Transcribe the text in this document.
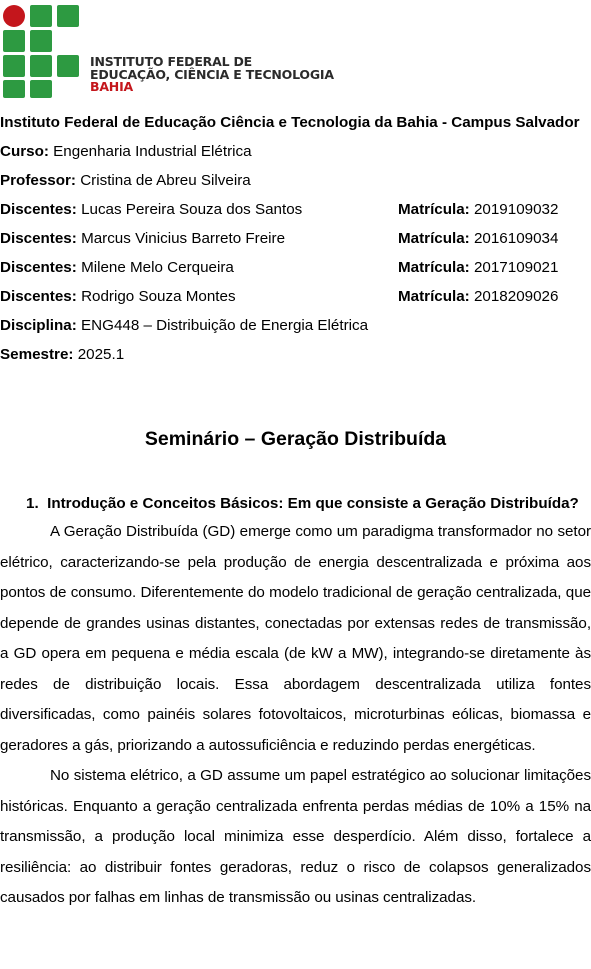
INSTITUTO FEDERAL DE
EDUCAÇÃO, CIÊNCIA E TECNOLOGIA
BAHIA
Instituto Federal de Educação Ciência e Tecnologia da Bahia - Campus Salvador
Curso: Engenharia Industrial Elétrica
Professor: Cristina de Abreu Silveira
Discentes: Lucas Pereira Souza dos Santos	Matrícula: 2019109032
Discentes: Marcus Vinicius Barreto Freire	Matrícula: 2016109034
Discentes: Milene Melo Cerqueira	Matrícula: 2017109021
Discentes: Rodrigo Souza Montes	Matrícula: 2018209026
Disciplina: ENG448 – Distribuição de Energia Elétrica
Semestre: 2025.1
Seminário – Geração Distribuída
1. Introdução e Conceitos Básicos: Em que consiste a Geração Distribuída?

A Geração Distribuída (GD) emerge como um paradigma transformador no setor elétrico, caracterizando-se pela produção de energia descentralizada e próxima aos pontos de consumo. Diferentemente do modelo tradicional de geração centralizada, que depende de grandes usinas distantes, conectadas por extensas redes de transmissão, a GD opera em pequena e média escala (de kW a MW), integrando-se diretamente às redes de distribuição locais. Essa abordagem descentralizada utiliza fontes diversificadas, como painéis solares fotovoltaicos, microturbinas eólicas, biomassa e geradores a gás, priorizando a autossuficiência e reduzindo perdas energéticas.

No sistema elétrico, a GD assume um papel estratégico ao solucionar limitações históricas. Enquanto a geração centralizada enfrenta perdas médias de 10% a 15% na transmissão, a produção local minimiza esse desperdício. Além disso, fortalece a resiliência: ao distribuir fontes geradoras, reduz o risco de colapsos generalizados causados por falhas em linhas de transmissão ou usinas centralizadas.
